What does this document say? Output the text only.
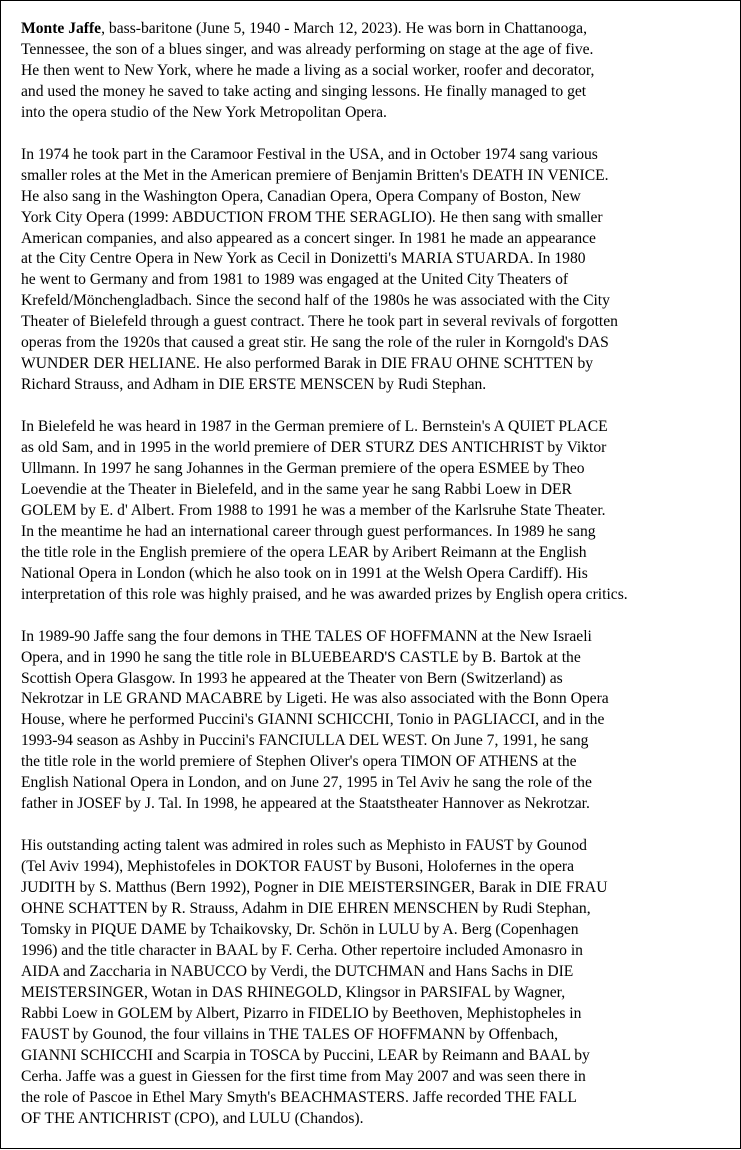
Monte Jaffe, bass-baritone (June 5, 1940 - March 12, 2023). He was born in Chattanooga,
Tennessee, the son of a blues singer, and was already performing on stage at the age of five.
He then went to New York, where he made a living as a social worker, roofer and decorator,
and used the money he saved to take acting and singing lessons. He finally managed to get
into the opera studio of the New York Metropolitan Opera.

In 1974 he took part in the Caramoor Festival in the USA, and in October 1974 sang various
smaller roles at the Met in the American premiere of Benjamin Britten's DEATH IN VENICE.
He also sang in the Washington Opera, Canadian Opera, Opera Company of Boston, New
York City Opera (1999: ABDUCTION FROM THE SERAGLIO). He then sang with smaller
American companies, and also appeared as a concert singer. In 1981 he made an appearance
at the City Centre Opera in New York as Cecil in Donizetti's MARIA STUARDA. In 1980
he went to Germany and from 1981 to 1989 was engaged at the United City Theaters of
Krefeld/Mönchengladbach. Since the second half of the 1980s he was associated with the City
Theater of Bielefeld through a guest contract. There he took part in several revivals of forgotten
operas from the 1920s that caused a great stir. He sang the role of the ruler in Korngold's DAS
WUNDER DER HELIANE. He also performed Barak in DIE FRAU OHNE SCHTTEN by
Richard Strauss, and Adham in DIE ERSTE MENSCEN by Rudi Stephan.

In Bielefeld he was heard in 1987 in the German premiere of L. Bernstein's A QUIET PLACE
as old Sam, and in 1995 in the world premiere of DER STURZ DES ANTICHRIST by Viktor
Ullmann. In 1997 he sang Johannes in the German premiere of the opera ESMEE by Theo
Loevendie at the Theater in Bielefeld, and in the same year he sang Rabbi Loew in DER
GOLEM by E. d' Albert. From 1988 to 1991 he was a member of the Karlsruhe State Theater.
In the meantime he had an international career through guest performances. In 1989 he sang
the title role in the English premiere of the opera LEAR by Aribert Reimann at the English
National Opera in London (which he also took on in 1991 at the Welsh Opera Cardiff). His
interpretation of this role was highly praised, and he was awarded prizes by English opera critics.

In 1989-90 Jaffe sang the four demons in THE TALES OF HOFFMANN at the New Israeli
Opera, and in 1990 he sang the title role in BLUEBEARD'S CASTLE by B. Bartok at the
Scottish Opera Glasgow. In 1993 he appeared at the Theater von Bern (Switzerland) as
Nekrotzar in LE GRAND MACABRE by Ligeti. He was also associated with the Bonn Opera
House, where he performed Puccini's GIANNI SCHICCHI, Tonio in PAGLIACCI, and in the
1993-94 season as Ashby in Puccini's FANCIULLA DEL WEST. On June 7, 1991, he sang
the title role in the world premiere of Stephen Oliver's opera TIMON OF ATHENS at the
English National Opera in London, and on June 27, 1995 in Tel Aviv he sang the role of the
father in JOSEF by J. Tal. In 1998, he appeared at the Staatstheater Hannover as Nekrotzar.

His outstanding acting talent was admired in roles such as Mephisto in FAUST by Gounod
(Tel Aviv 1994), Mephistofeles in DOKTOR FAUST by Busoni, Holofernes in the opera
JUDITH by S. Matthus (Bern 1992), Pogner in DIE MEISTERSINGER, Barak in DIE FRAU
OHNE SCHATTEN by R. Strauss, Adahm in DIE EHREN MENSCHEN by Rudi Stephan,
Tomsky in PIQUE DAME by Tchaikovsky, Dr. Schön in LULU by A. Berg (Copenhagen
1996) and the title character in BAAL by F. Cerha. Other repertoire included Amonasro in
AIDA and Zaccharia in NABUCCO by Verdi, the DUTCHMAN and Hans Sachs in DIE
MEISTERSINGER, Wotan in DAS RHINEGOLD, Klingsor in PARSIFAL by Wagner,
Rabbi Loew in GOLEM by Albert, Pizarro in FIDELIO by Beethoven, Mephistopheles in
FAUST by Gounod, the four villains in THE TALES OF HOFFMANN by Offenbach,
GIANNI SCHICCHI and Scarpia in TOSCA by Puccini, LEAR by Reimann and BAAL by
Cerha. Jaffe was a guest in Giessen for the first time from May 2007 and was seen there in
the role of Pascoe in Ethel Mary Smyth's BEACHMASTERS. Jaffe recorded THE FALL
OF THE ANTICHRIST (CPO), and LULU (Chandos).
